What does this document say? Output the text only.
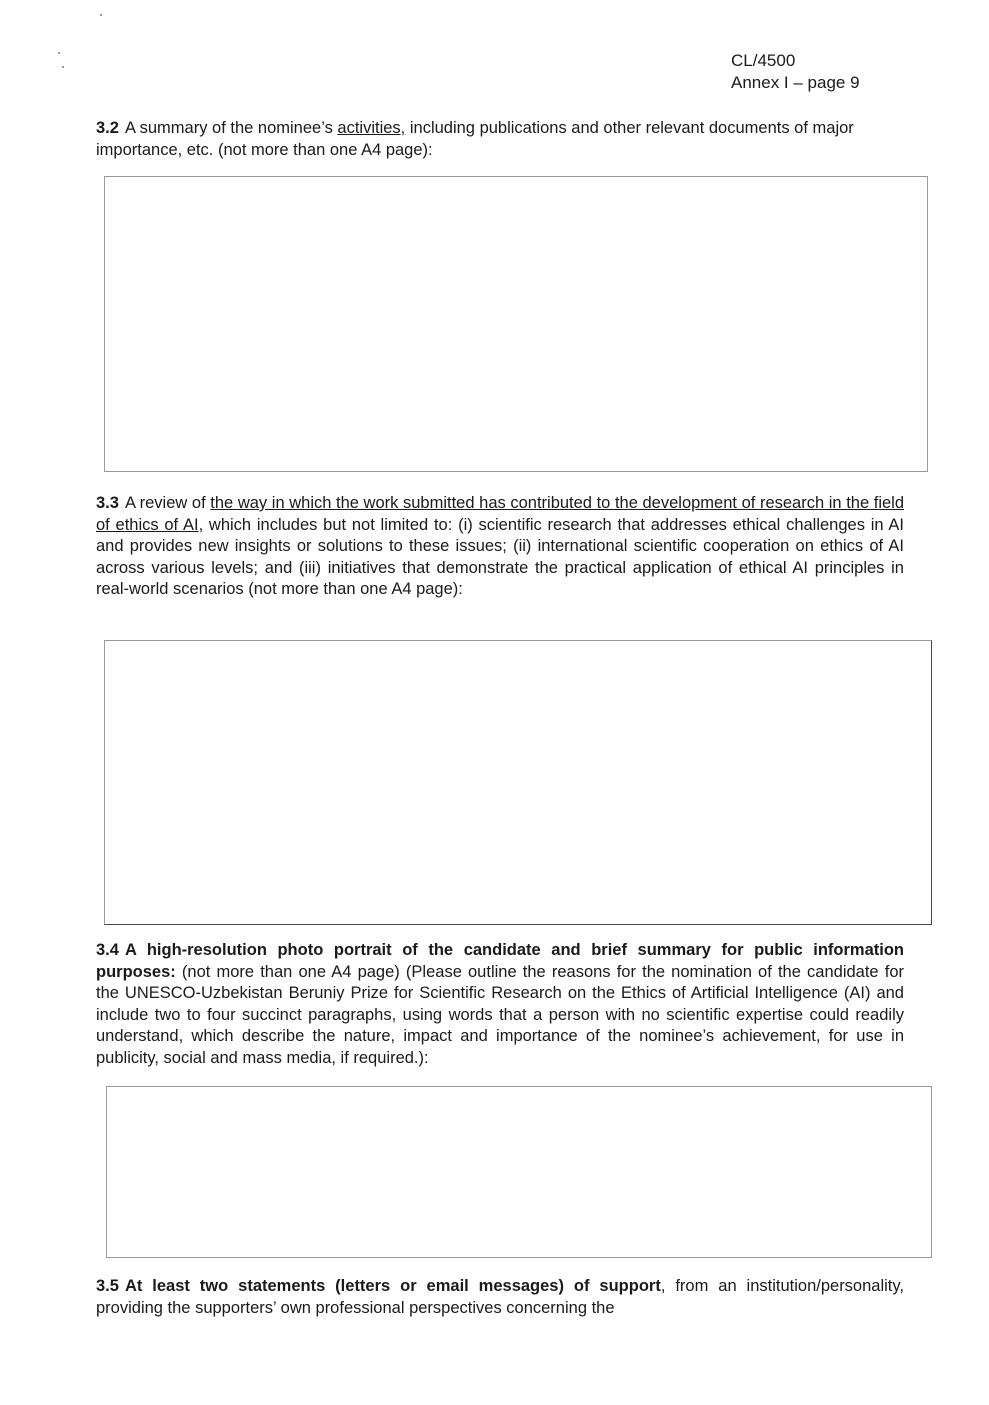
CL/4500
Annex I – page 9
3.2 A summary of the nominee’s activities, including publications and other relevant documents of major importance, etc. (not more than one A4 page):
3.3 A review of the way in which the work submitted has contributed to the development of research in the field of ethics of AI, which includes but not limited to: (i) scientific research that addresses ethical challenges in AI and provides new insights or solutions to these issues; (ii) international scientific cooperation on ethics of AI across various levels; and (iii) initiatives that demonstrate the practical application of ethical AI principles in real-world scenarios (not more than one A4 page):
3.4 A high-resolution photo portrait of the candidate and brief summary for public information purposes: (not more than one A4 page) (Please outline the reasons for the nomination of the candidate for the UNESCO-Uzbekistan Beruniy Prize for Scientific Research on the Ethics of Artificial Intelligence (AI) and include two to four succinct paragraphs, using words that a person with no scientific expertise could readily understand, which describe the nature, impact and importance of the nominee’s achievement, for use in publicity, social and mass media, if required.):
3.5 At least two statements (letters or email messages) of support, from an institution/personality, providing the supporters’ own professional perspectives concerning the
